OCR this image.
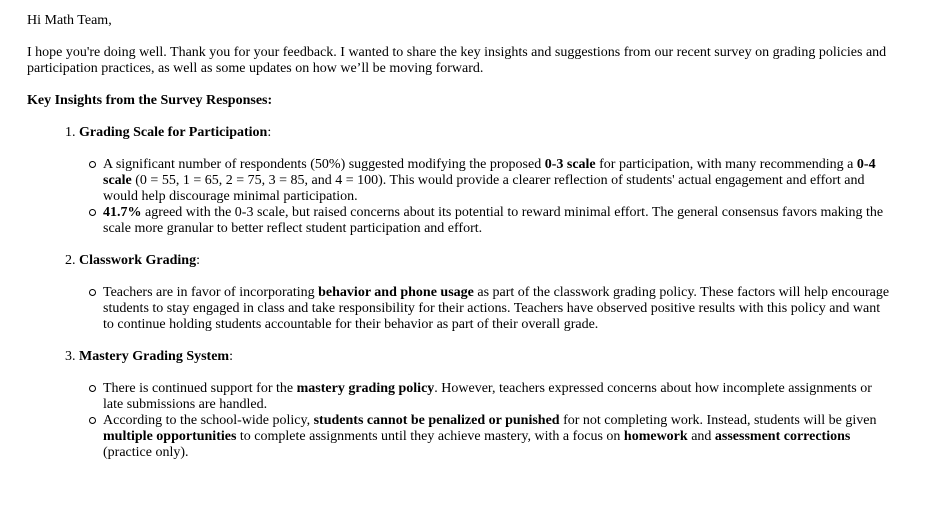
Hi Math Team,

I hope you're doing well. Thank you for your feedback. I wanted to share the key insights and suggestions from our recent survey on grading policies and participation practices, as well as some updates on how we’ll be moving forward.

Key Insights from the Survey Responses:

1. Grading Scale for Participation:
A significant number of respondents (50%) suggested modifying the proposed 0-3 scale for participation, with many recommending a 0-4 scale (0 = 55, 1 = 65, 2 = 75, 3 = 85, and 4 = 100). This would provide a clearer reflection of students' actual engagement and effort and would help discourage minimal participation.
41.7% agreed with the 0-3 scale, but raised concerns about its potential to reward minimal effort. The general consensus favors making the scale more granular to better reflect student participation and effort.
2. Classwork Grading:
Teachers are in favor of incorporating behavior and phone usage as part of the classwork grading policy. These factors will help encourage students to stay engaged in class and take responsibility for their actions. Teachers have observed positive results with this policy and want to continue holding students accountable for their behavior as part of their overall grade.
3. Mastery Grading System:
There is continued support for the mastery grading policy. However, teachers expressed concerns about how incomplete assignments or late submissions are handled.
According to the school-wide policy, students cannot be penalized or punished for not completing work. Instead, students will be given multiple opportunities to complete assignments until they achieve mastery, with a focus on homework and assessment corrections (practice only).
